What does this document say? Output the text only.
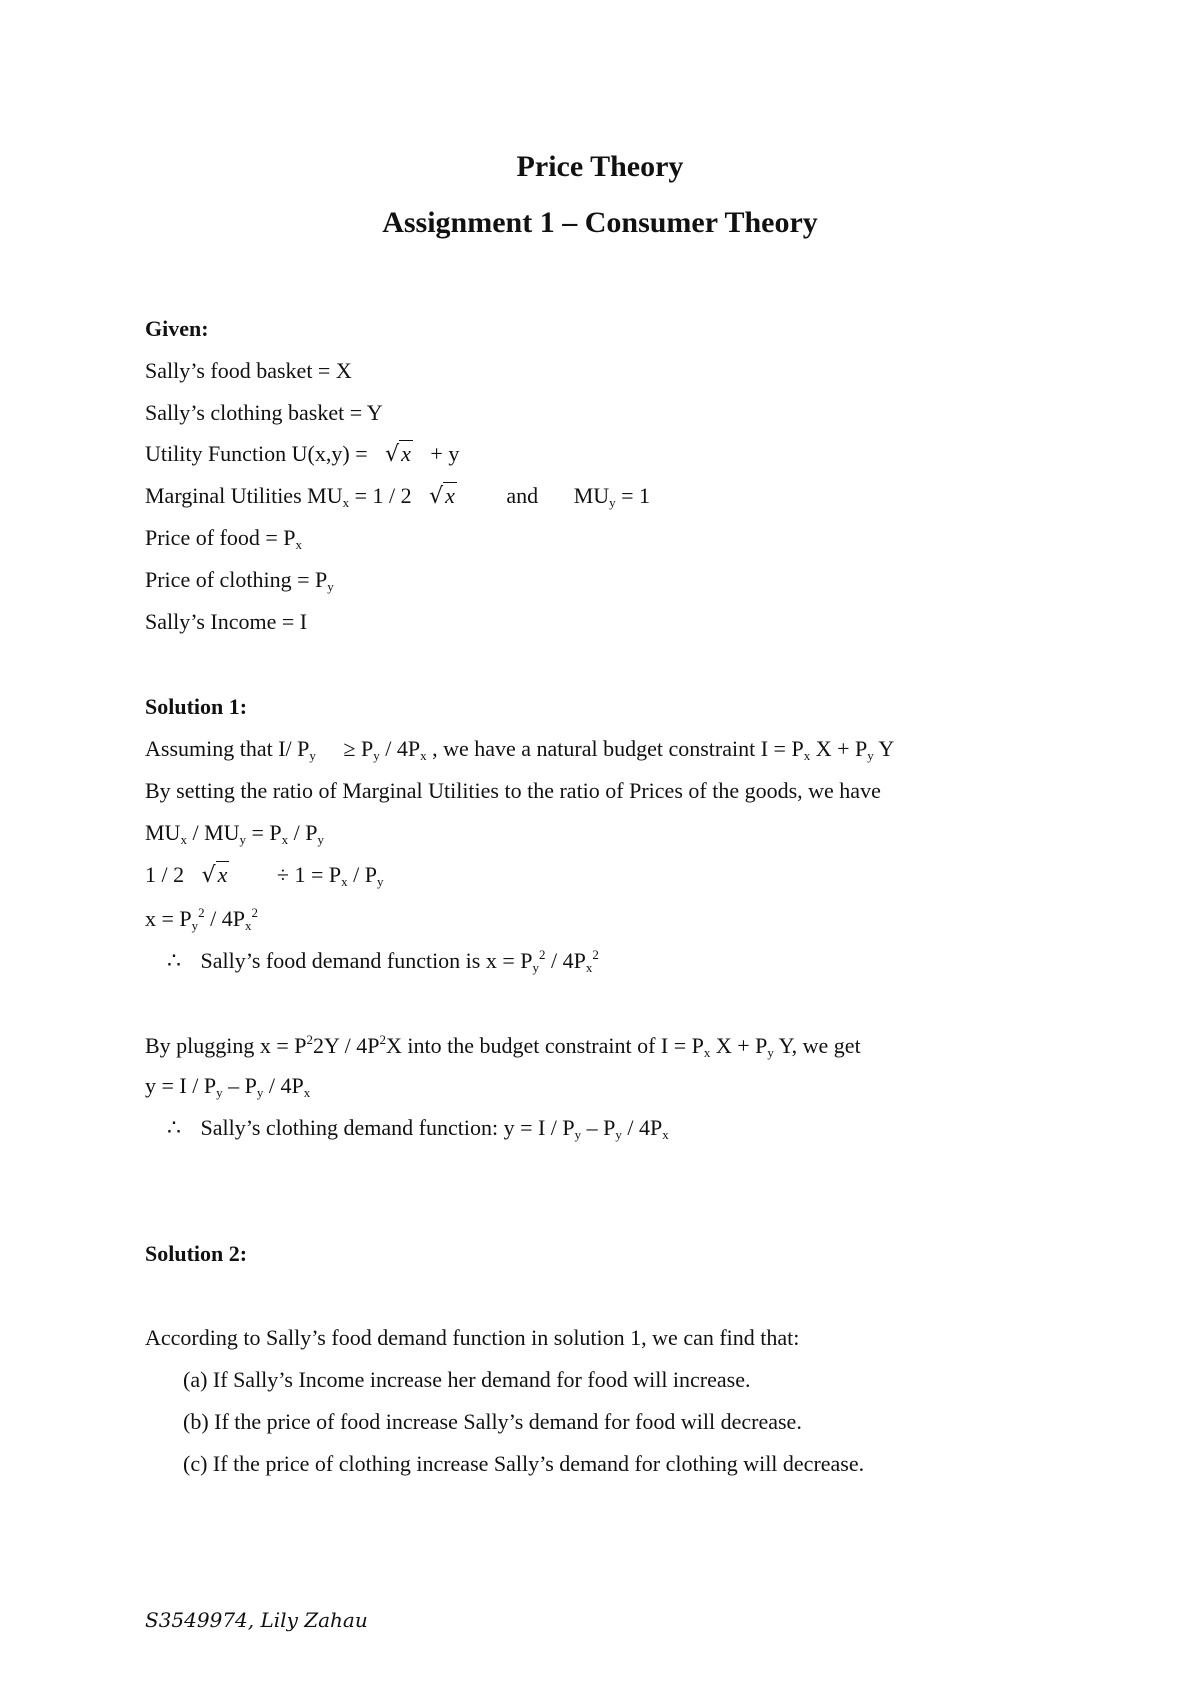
Price Theory
Assignment 1 – Consumer Theory
Given:
Sally’s food basket = X
Sally’s clothing basket = Y
Utility Function U(x,y) = √x + y
Marginal Utilities $MU_x = 1 / 2$ √x and $MU_y = 1$
Price of food = $P_x$
Price of clothing = $P_y$
Sally’s Income = I
Solution 1:
Assuming that I/ $P_y \ge P_y / 4P_x$ , we have a natural budget constraint $I = P_x$ $X + P_y$ Y
By setting the ratio of Marginal Utilities to the ratio of Prices of the goods, we have
$MU_x / MU_y = P_x / P_y$
1 / 2 $√x \div 1 = P_x / P_y$
$x = P_y^2 / 4P_x^2$
∴ Sally’s food demand function is $x = P_y^2 / 4P_x^2$
By plugging $x = P^22Y / 4P^2X$ into the budget constraint of $I = P_x$ $X + P_y$ Y, we get
$y = I / P_y - P_y / 4P_x$
∴ Sally’s clothing demand function: $y = I / P_y - P_y / 4P_x$
Solution 2:
According to Sally’s food demand function in solution 1, we can find that:
(a) If Sally’s Income increase her demand for food will increase.
(b) If the price of food increase Sally’s demand for food will decrease.
(c) If the price of clothing increase Sally’s demand for clothing will decrease.
S3549974, Lily Zahau
